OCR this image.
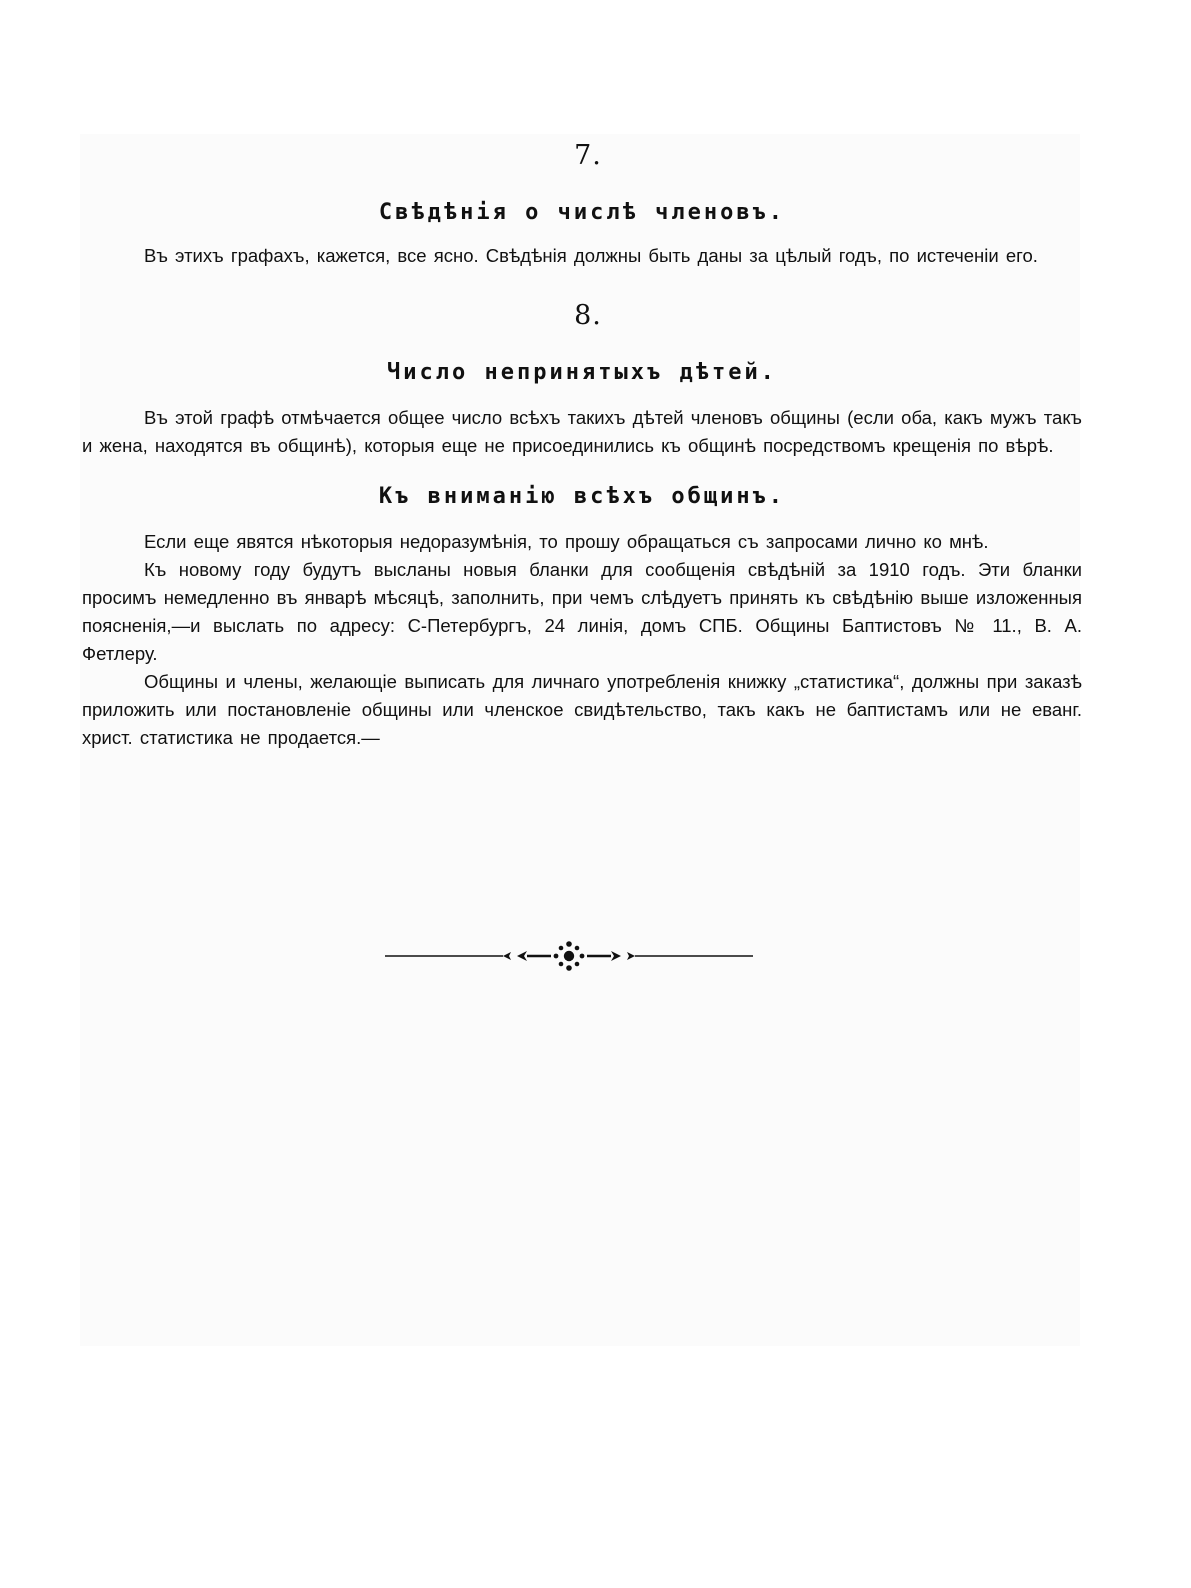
7.

Свѣдѣнія о числѣ членовъ.

Въ этихъ графахъ, кажется, все ясно. Свѣдѣнія должны быть даны за цѣлый годъ, по истеченіи его.

8.

Число непринятыхъ дѣтей.

Въ этой графѣ отмѣчается общее число всѣхъ такихъ дѣтей членовъ общины (если оба, какъ мужъ такъ и жена, находятся въ общинѣ), которыя еще не присоединились къ общинѣ посредствомъ крещенія по вѣрѣ.

Къ вниманію всѣхъ общинъ.

Если еще явятся нѣкоторыя недоразумѣнія, то прошу обращаться съ запросами лично ко мнѣ.

Къ новому году будутъ высланы новыя бланки для сообщенія свѣдѣній за 1910 годъ. Эти бланки просимъ немедленно въ январѣ мѣсяцѣ, заполнить, при чемъ слѣдуетъ принять къ свѣдѣнію выше изложенныя поясненія,—и выслать по адресу: С-Петербургъ, 24 линія, домъ СПБ. Общины Баптистовъ № 11., В. А. Фетлеру.

Общины и члены, желающіе выписать для личнаго употребленія книжку „статистика“, должны при заказѣ приложить или постановленіе общины или членское свидѣтельство, такъ какъ не баптистамъ или не еванг. христ. статистика не продается.—
